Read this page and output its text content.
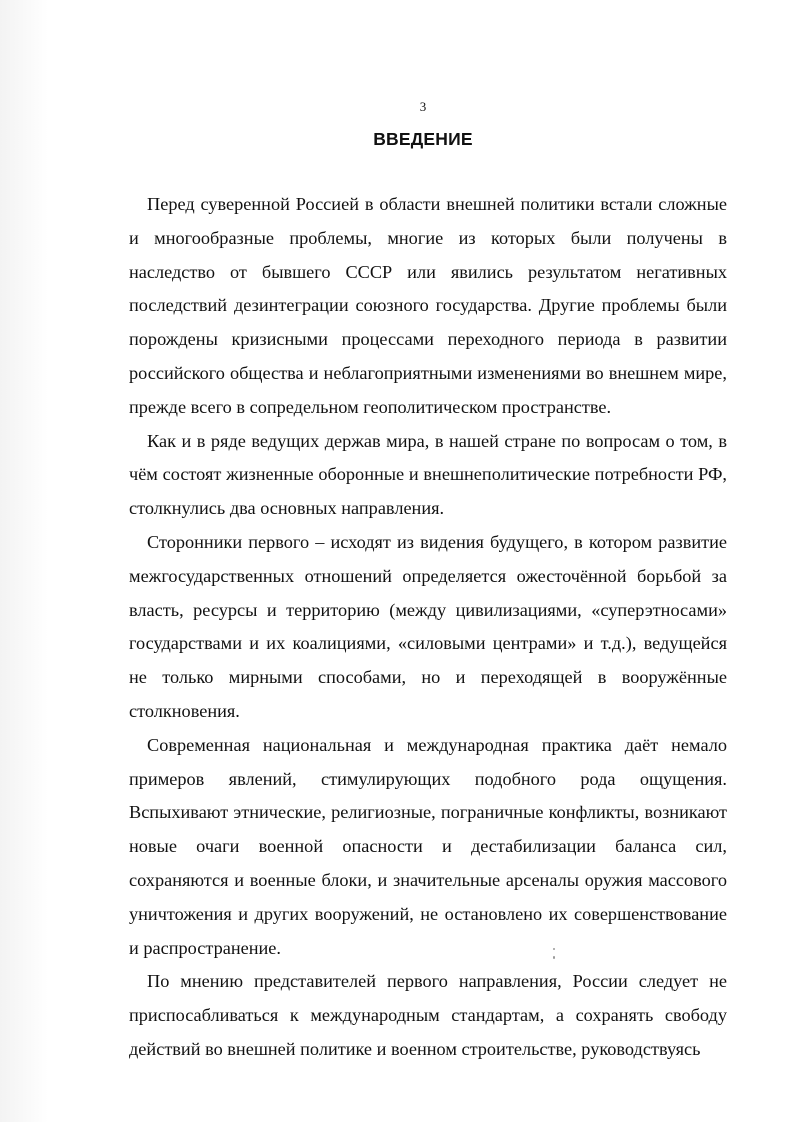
3
ВВЕДЕНИЕ

Перед суверенной Россией в области внешней политики встали сложные и многообразные проблемы, многие из которых были получены в наследство от бывшего СССР или явились результатом негативных последствий дезинтеграции союзного государства. Другие проблемы были порождены кризисными процессами переходного периода в развитии российского общества и неблагоприятными изменениями во внешнем мире, прежде всего в сопредельном геополитическом пространстве.

Как и в ряде ведущих держав мира, в нашей стране по вопросам о том, в чём состоят жизненные оборонные и внешнеполитические потребности РФ, столкнулись два основных направления.

Сторонники первого – исходят из видения будущего, в котором развитие межгосударственных отношений определяется ожесточённой борьбой за власть, ресурсы и территорию (между цивилизациями, «суперэтносами» государствами и их коалициями, «силовыми центрами» и т.д.), ведущейся не только мирными способами, но и переходящей в вооружённые столкновения.

Современная национальная и международная практика даёт немало примеров явлений, стимулирующих подобного рода ощущения. Вспыхивают этнические, религиозные, пограничные конфликты, возникают новые очаги военной опасности и дестабилизации баланса сил, сохраняются и военные блоки, и значительные арсеналы оружия массового уничтожения и других вооружений, не остановлено их совершенствование и распространение.

По мнению представителей первого направления, России следует не приспосабливаться к международным стандартам, а сохранять свободу действий во внешней политике и военном строительстве, руководствуясь
